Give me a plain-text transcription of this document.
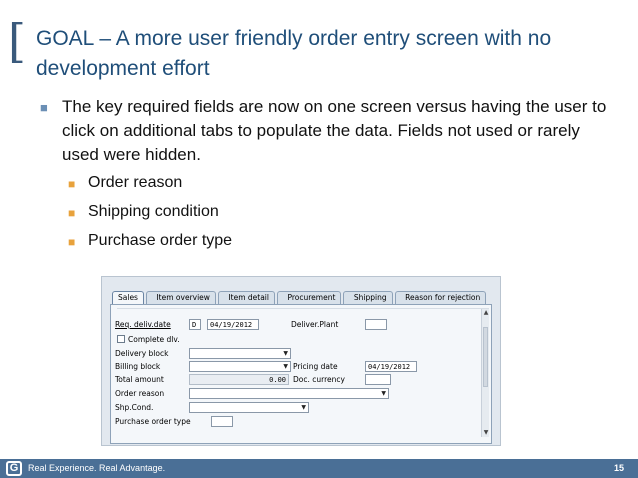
[ GOAL – A more user friendly order entry screen with no development effort
■ The key required fields are now on one screen versus having the user to click on additional tabs to populate the data. Fields not used or rarely used were hidden.
■ Order reason
■ Shipping condition
■ Purchase order type
Sales
 	Item overview
 	Item detail
 	Procurement
 	Shipping
 	Reason for rejection
Req. deliv.date	D	04/19/2012	Deliver.Plant
Complete dlv.
Delivery block	▼
Billing block	▼ Pricing date	04/19/2012
Total amount	0.00 Doc. currency
Order reason	▼
Shp.Cond.	▼
Purchase order type
▲
▼
G	Real Experience. Real Advantage.	15
